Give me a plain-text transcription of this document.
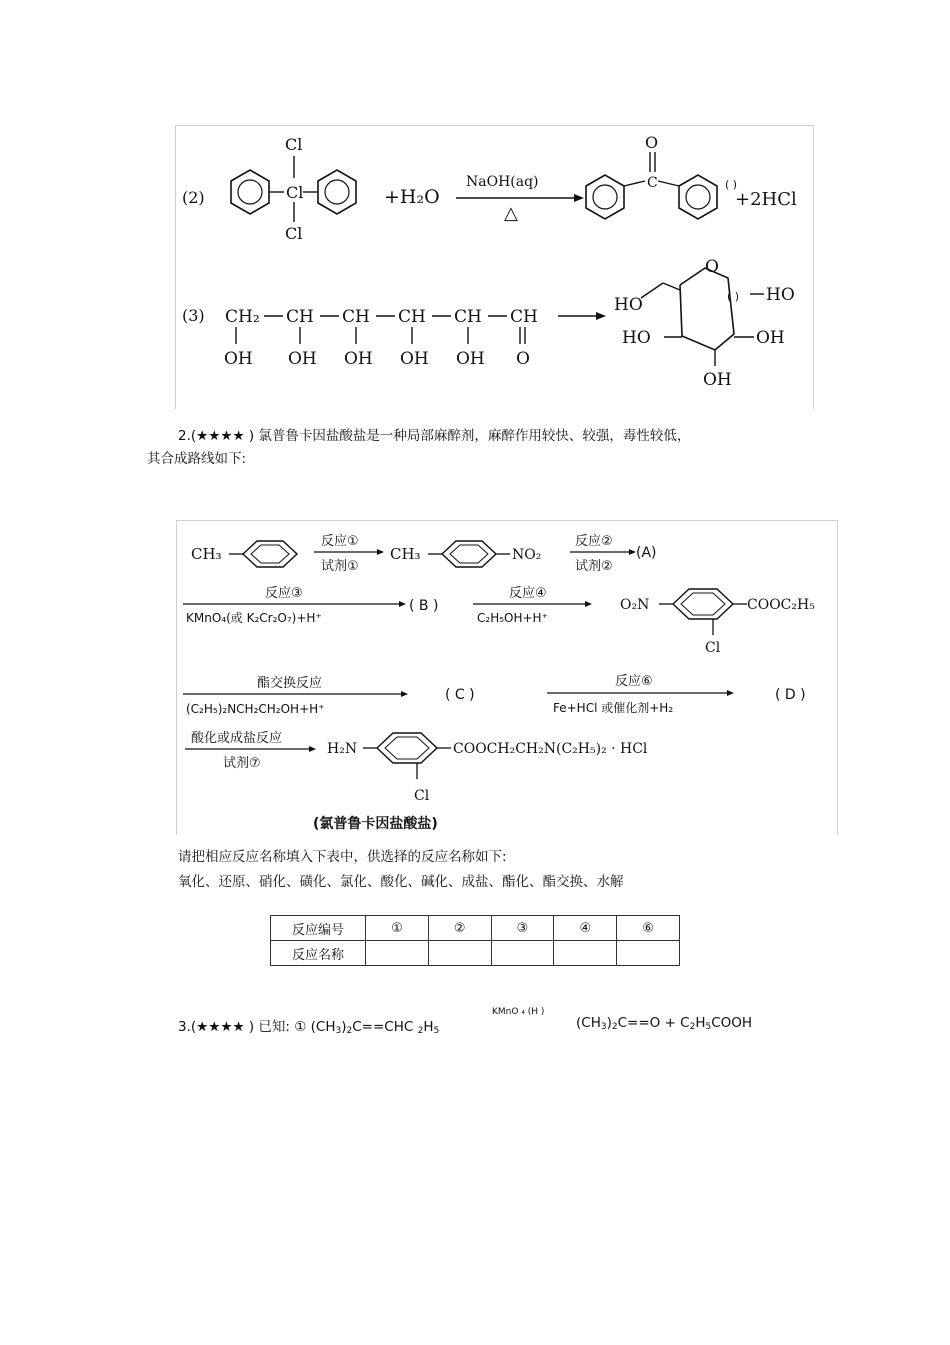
(2)	Cl
Cl
Cl
+H₂O
NaOH(aq)
△
C
O
( )
+2HCl
(3) CH₂ CH CH CH CH CH
OH OH OH OH OH O
O
HO	( ) HO
HO	OH
OH
2.(★★★★ ) 氯普鲁卡因盐酸盐是一种局部麻醉剂，麻醉作用较快、较强，毒性较低，
其合成路线如下:
CH₃
反应①
试剂①
CH₃	NO₂
反应②
试剂②
(A)
反应③
KMnO₄(或 K₂Cr₂O₇)+H⁺
( B )
反应④
C₂H₅OH+H⁺
O₂N	COOC₂H₅
Cl
酯交换反应
(C₂H₅)₂NCH₂CH₂OH+H⁺
( C )
反应⑥
Fe+HCl 或催化剂+H₂
( D )
酸化或成盐反应
试剂⑦
H₂N	COOCH₂CH₂N(C₂H₅)₂ · HCl
Cl
(氯普鲁卡因盐酸盐)
请把相应反应名称填入下表中，供选择的反应名称如下:
氧化、还原、硝化、磺化、氯化、酸化、碱化、成盐、酯化、酯交换、水解
反应编号	①	②	③	④	⑥
反应名称					
3.(★★★★ ) 已知: ① $(CH_3)_2C==CHC$ $_2H_5$
KMnO ₄ (H )
$(CH_3)_2C==O$ + $C_2H_5COOH$
